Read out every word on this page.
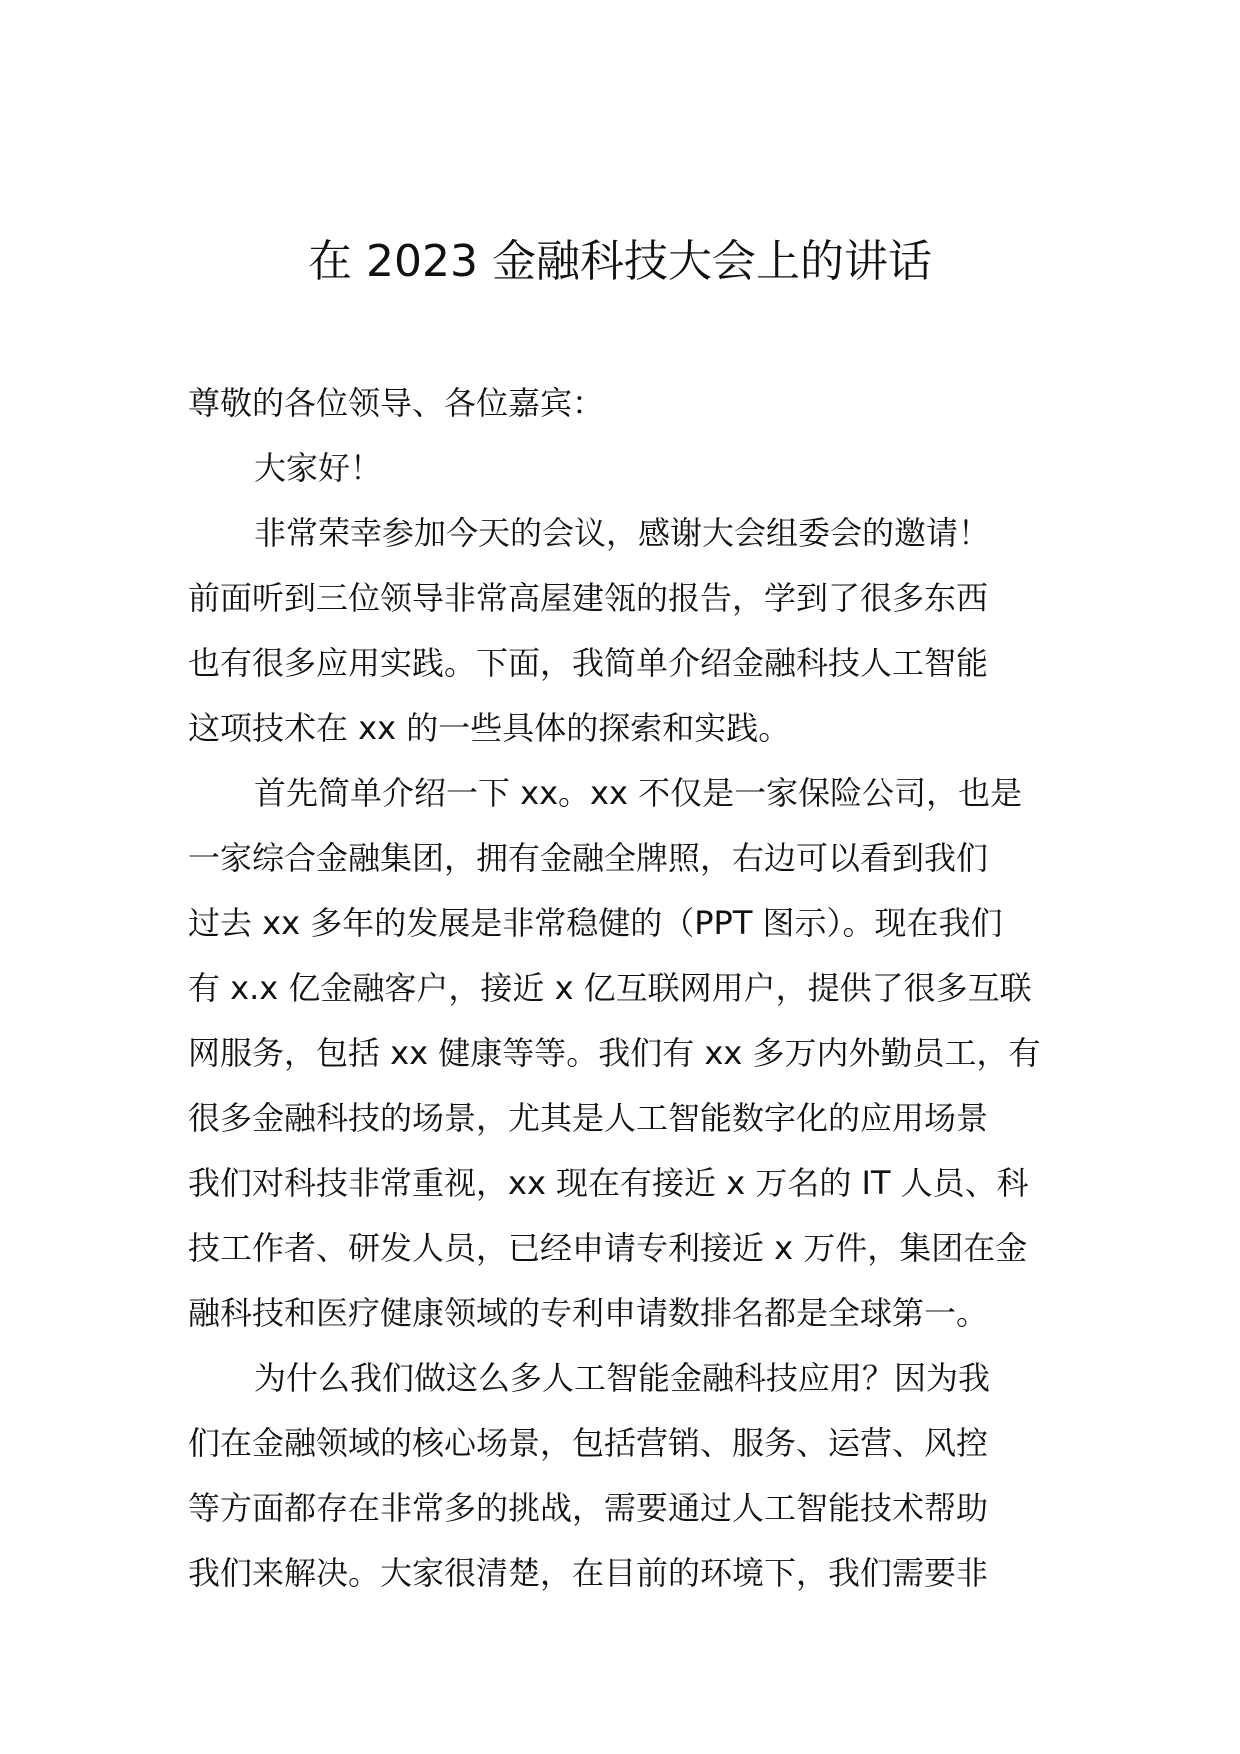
在 2023 金融科技大会上的讲话
尊敬的各位领导、各位嘉宾：
大家好！
非常荣幸参加今天的会议，感谢大会组委会的邀请！
前面听到三位领导非常高屋建瓴的报告，学到了很多东西
也有很多应用实践。下面，我简单介绍金融科技人工智能
这项技术在 xx 的一些具体的探索和实践。
首先简单介绍一下 xx。xx 不仅是一家保险公司，也是
一家综合金融集团，拥有金融全牌照，右边可以看到我们
过去 xx 多年的发展是非常稳健的（PPT 图示）。现在我们
有 x.x 亿金融客户，接近 x 亿互联网用户，提供了很多互联
网服务，包括 xx 健康等等。我们有 xx 多万内外勤员工，有
很多金融科技的场景，尤其是人工智能数字化的应用场景
我们对科技非常重视，xx 现在有接近 x 万名的 IT 人员、科
技工作者、研发人员，已经申请专利接近 x 万件，集团在金
融科技和医疗健康领域的专利申请数排名都是全球第一。
为什么我们做这么多人工智能金融科技应用？因为我
们在金融领域的核心场景，包括营销、服务、运营、风控
等方面都存在非常多的挑战，需要通过人工智能技术帮助
我们来解决。大家很清楚，在目前的环境下，我们需要非
